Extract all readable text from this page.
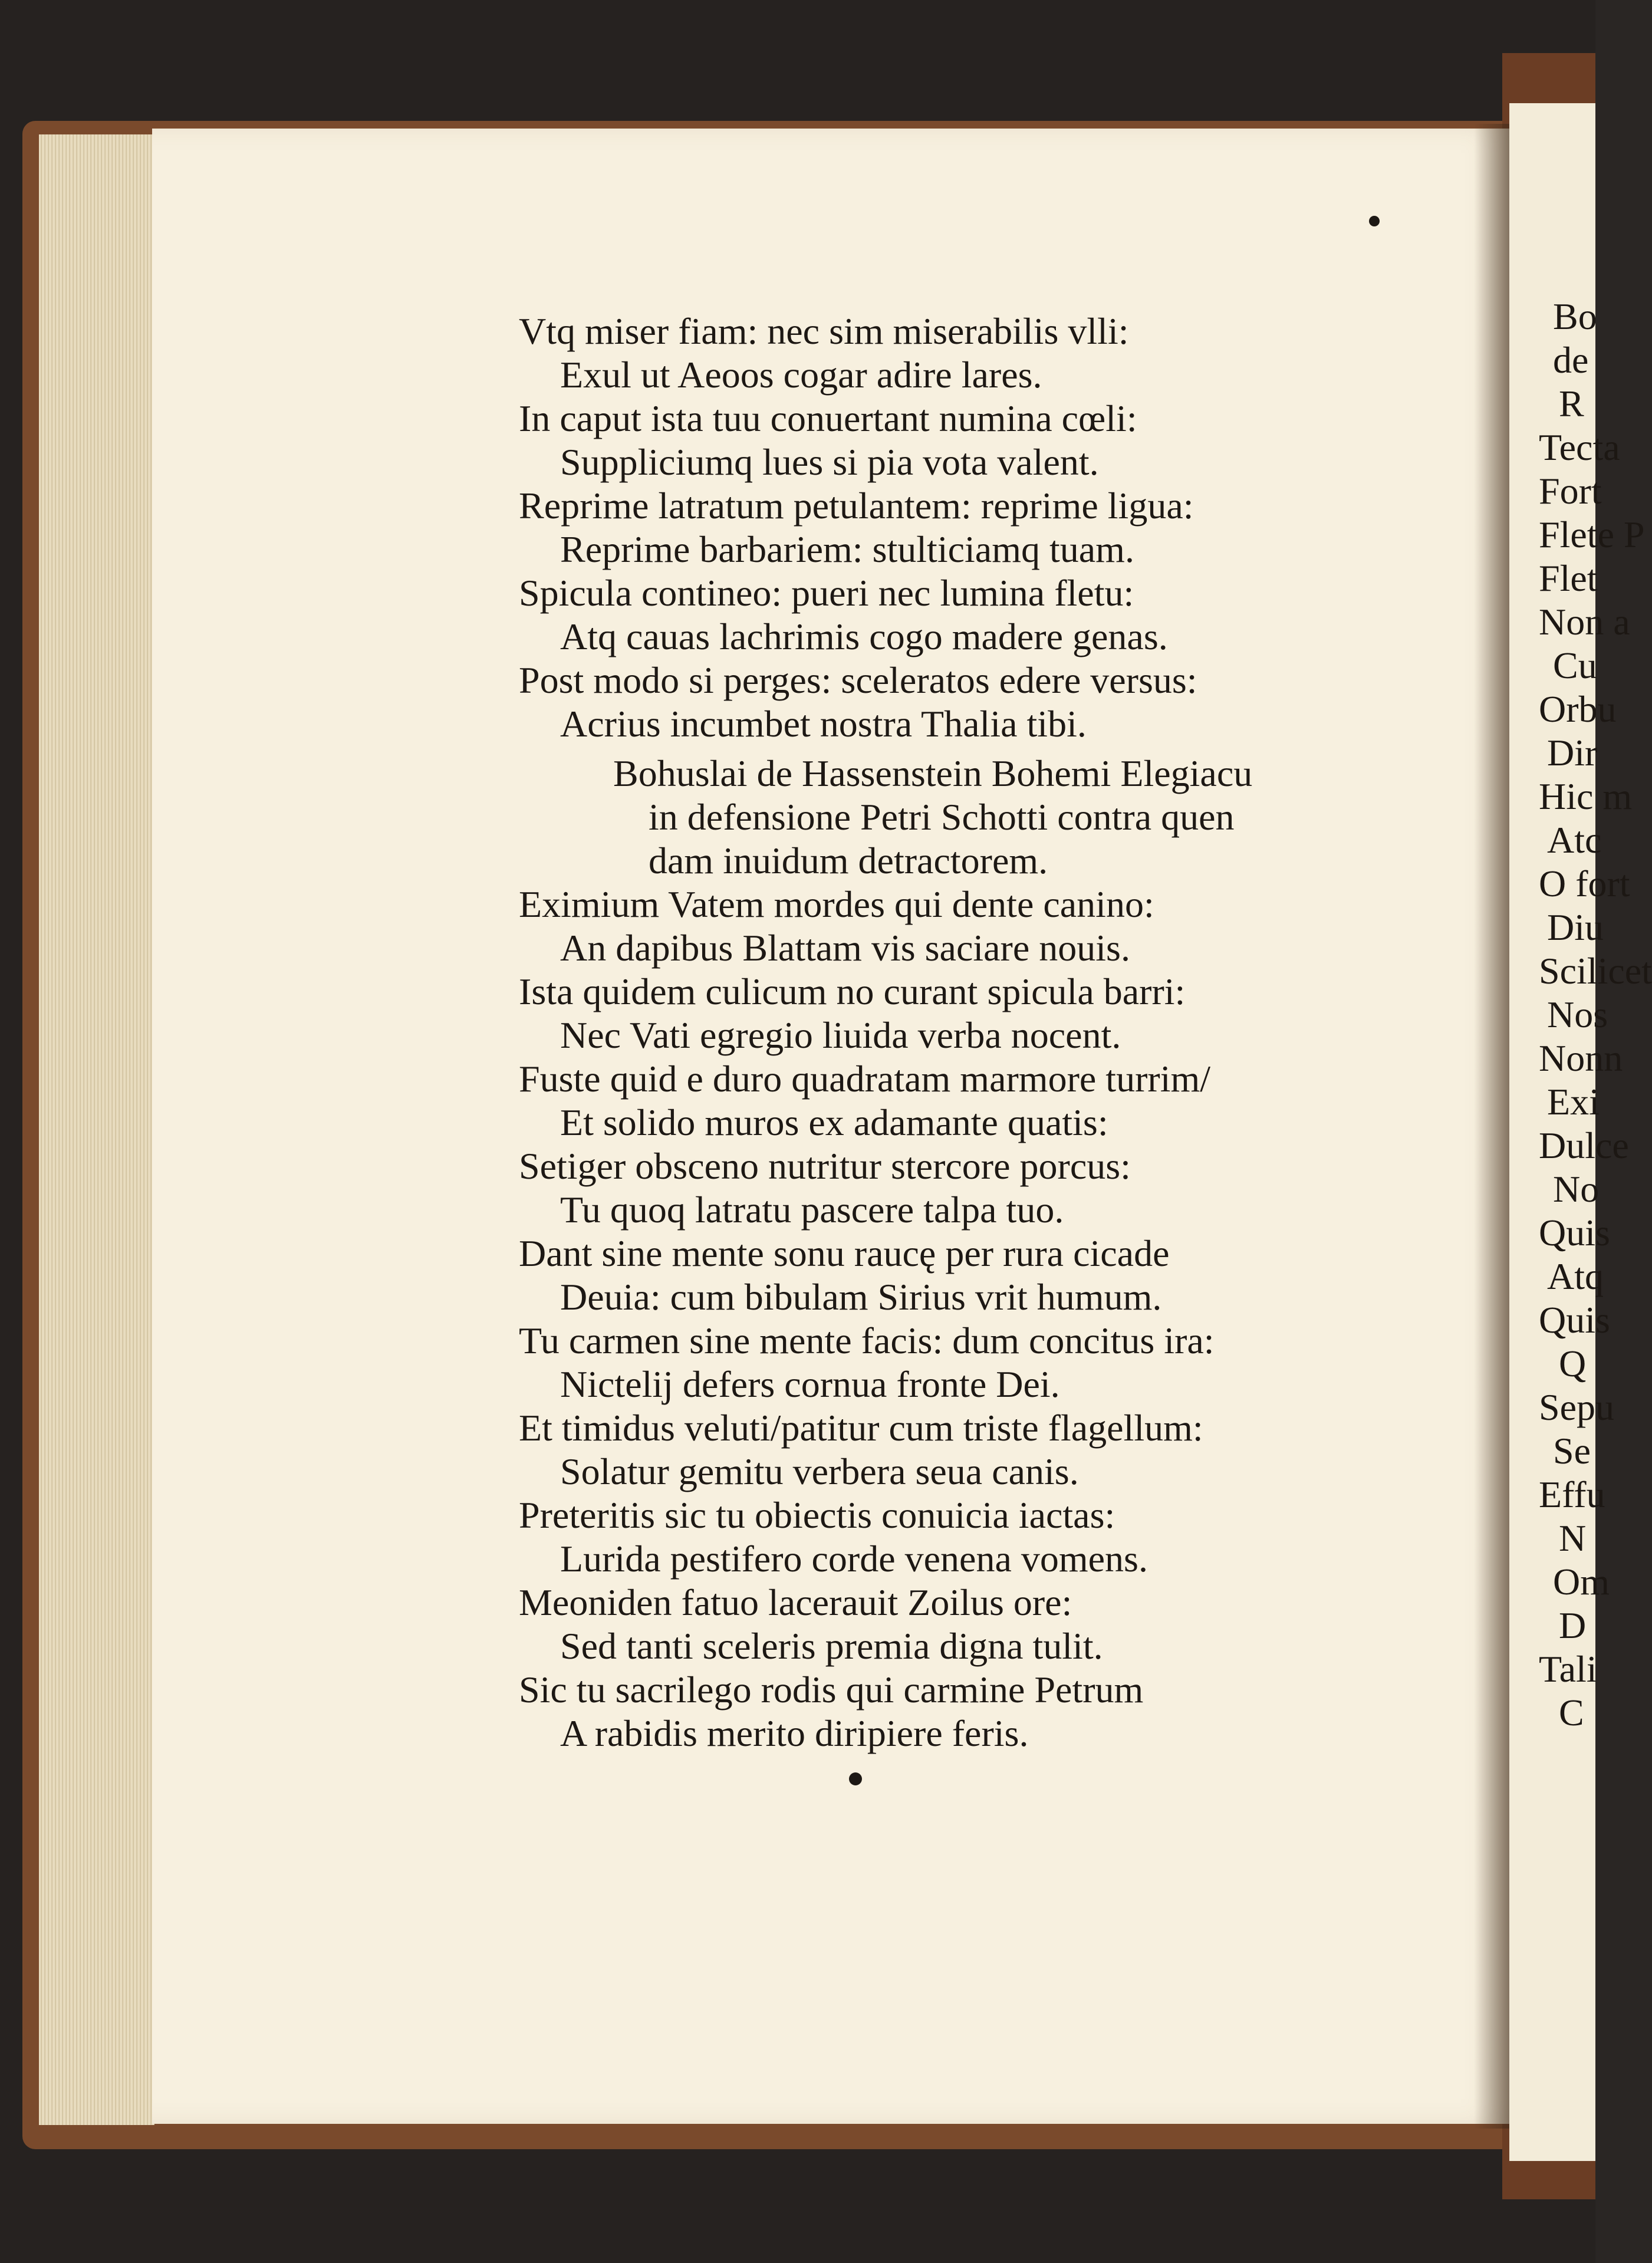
Bo
de
R
Tecta
Fort
Flete P
Flet
Non a
Cu
Orbu
Dir
Hic m
Atc
O fort
Diu
Scilicet
Nos
Nonn
Exi
Dulce
No
Quis
Atq
Quis
Q
Sepu
Se
Effu
N
Om
D
Tali
C
Vtq miser fiam: nec sim miserabilis vlli:
Exul ut Aeoos cogar adire lares.
In caput ista tuu conuertant numina cœli:
Suppliciumq lues si pia vota valent.
Reprime latratum petulantem: reprime ligua:
Reprime barbariem: stulticiamq tuam.
Spicula contineo: pueri nec lumina fletu:
Atq cauas lachrimis cogo madere genas.
Post modo si perges: sceleratos edere versus:
Acrius incumbet nostra Thalia tibi.
Bohuslai de Hassenstein Bohemi Elegiacu
in defensione Petri Schotti contra quen
dam inuidum detractorem.
Eximium Vatem mordes qui dente canino:
An dapibus Blattam vis saciare nouis.
Ista quidem culicum no curant spicula barri:
Nec Vati egregio liuida verba nocent.
Fuste quid e duro quadratam marmore turrim/
Et solido muros ex adamante quatis:
Setiger obsceno nutritur stercore porcus:
Tu quoq latratu pascere talpa tuo.
Dant sine mente sonu raucę per rura cicade
Deuia: cum bibulam Sirius vrit humum.
Tu carmen sine mente facis: dum concitus ira:
Nictelij defers cornua fronte Dei.
Et timidus veluti/patitur cum triste flagellum:
Solatur gemitu verbera seua canis.
Preteritis sic tu obiectis conuicia iactas:
Lurida pestifero corde venena vomens.
Meoniden fatuo lacerauit Zoilus ore:
Sed tanti sceleris premia digna tulit.
Sic tu sacrilego rodis qui carmine Petrum
A rabidis merito diripiere feris.
